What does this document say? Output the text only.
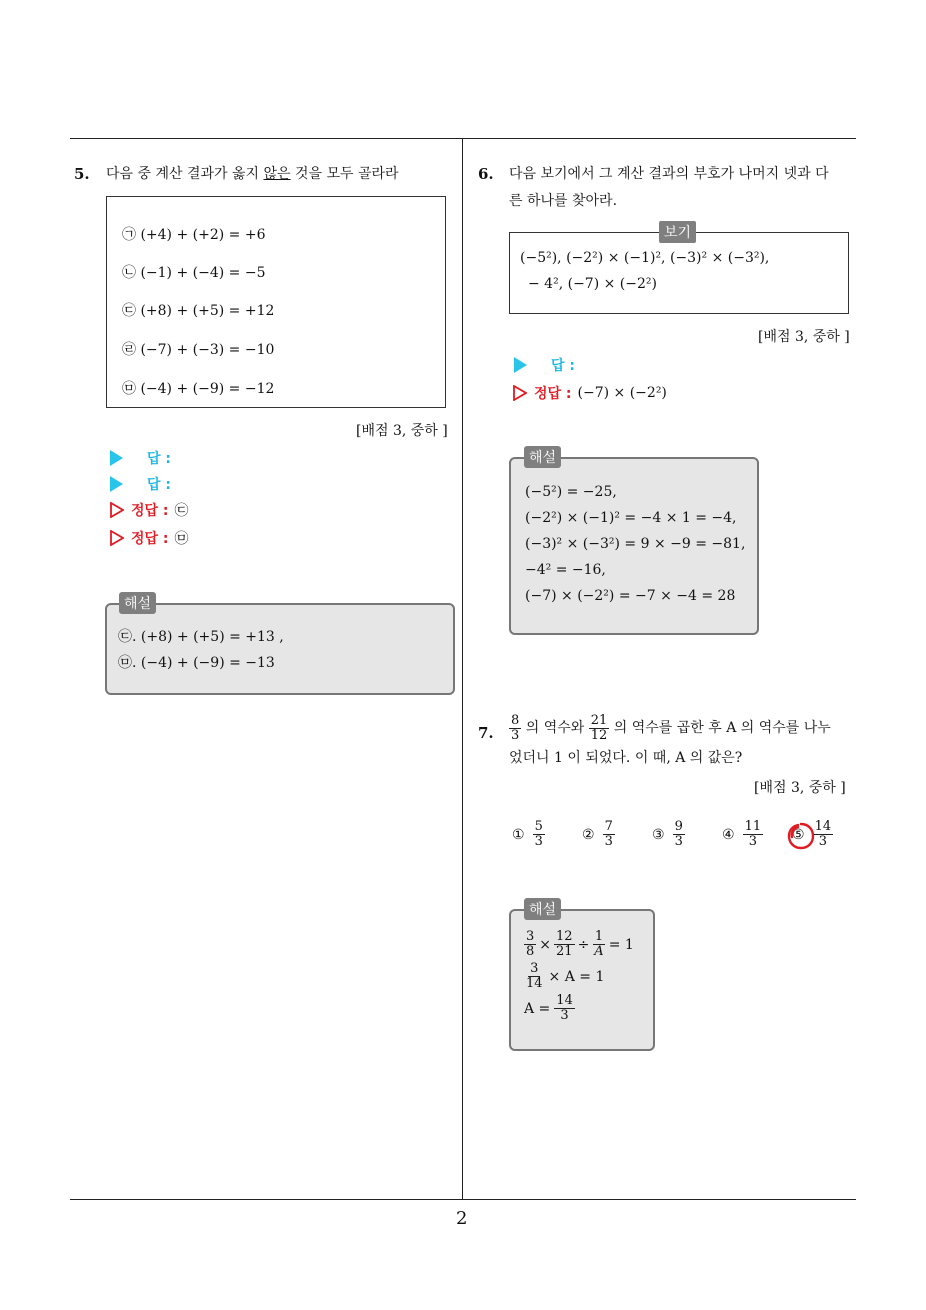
2
5. 다음 중 계산 결과가 옳지 않은 것을 모두 골라라
㉠ (+4) + (+2) = +6
㉡ (−1) + (−4) = −5
㉢ (+8) + (+5) = +12
㉣ (−7) + (−3) = −10
㉤ (−4) + (−9) = −12
[배점 3, 중하 ]
답 :
답 :
정답 : ㉢
정답 : ㉤
해설
㉢. (+8) + (+5) = +13 ,
㉤. (−4) + (−9) = −13
6. 다음 보기에서 그 계산 결과의 부호가 나머지 넷과 다
른 하나를 찾아라.
보기
(−5²), (−2²) × (−1)², (−3)² × (−3²),
− 4², (−7) × (−2²)
[배점 3, 중하 ]
답 :
정답 : (−7) × (−2²)
해설
(−5²) = −25,
(−2²) × (−1)² = −4 × 1 = −4,
(−3)² × (−3²) = 9 × −9 = −81,
−4² = −16,
(−7) × (−2²) = −7 × −4 = 28
7. $\frac{8}{3}$ 의 역수와 $\frac{21}{12}$ 의 역수를 곱한 후 A 의 역수를 나누
었더니 1 이 되었다. 이 때, A 의 값은?
[배점 3, 중하 ]
① $\frac{5}{3}$	② $\frac{7}{3}$	③ $\frac{9}{3}$	④ $\frac{11}{3}$ ⑤ $\frac{14}{3}$
해설
$\frac{3}{8} \times \frac{12}{21} \div \frac{1}{A} = 1$
$\frac{3}{14} \times A = 1$
$A = \frac{14}{3}$
